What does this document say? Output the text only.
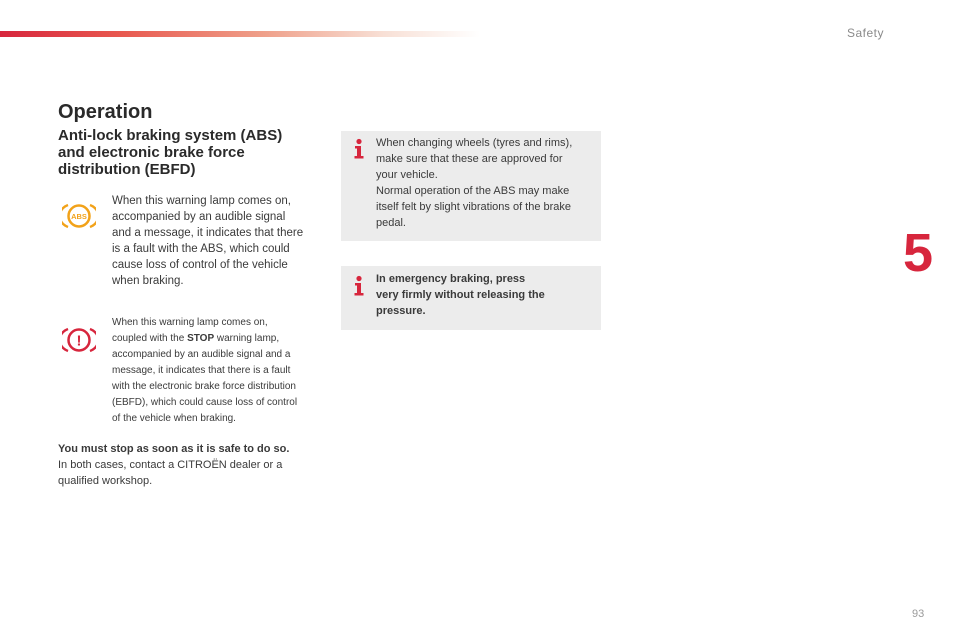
Safety
5
93
Operation
Anti-lock braking system (ABS)
and electronic brake force
distribution (EBFD)
ABS
When this warning lamp comes on,
accompanied by an audible signal
and a message, it indicates that there
is a fault with the ABS, which could
cause loss of control of the vehicle
when braking.
!
When this warning lamp comes on,
coupled with the STOP warning lamp,
accompanied by an audible signal and a
message, it indicates that there is a fault
with the electronic brake force distribution
(EBFD), which could cause loss of control
of the vehicle when braking.
You must stop as soon as it is safe to do so.
In both cases, contact a CITROËN dealer or a
qualified workshop.
When changing wheels (tyres and rims),
make sure that these are approved for
your vehicle.
Normal operation of the ABS may make
itself felt by slight vibrations of the brake
pedal.
In emergency braking, press
very firmly without releasing the
pressure.
